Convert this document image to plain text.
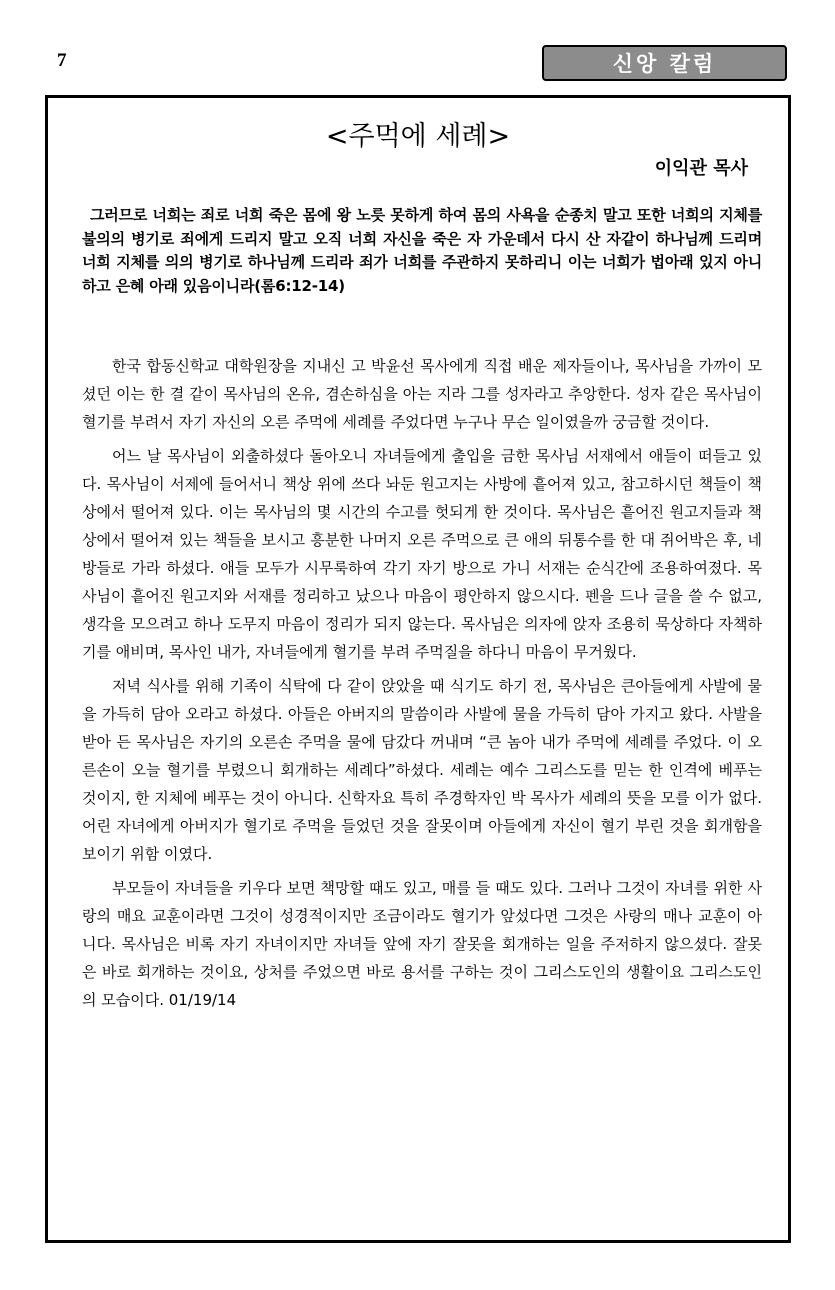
7	신앙 칼럼
<주먹에 세례>
이익관 목사
그러므로 너희는 죄로 너희 죽은 몸에 왕 노릇 못하게 하여 몸의 사욕을 순종치 말고 또한 너희의 지체를 불의의 병기로 죄에게 드리지 말고 오직 너희 자신을 죽은 자 가운데서 다시 산 자같이 하나님께 드리며 너희 지체를 의의 병기로 하나님께 드리라 죄가 너희를 주관하지 못하리니 이는 너희가 법아래 있지 아니하고 은혜 아래 있음이니라(롬6:12-14)

한국 합동신학교 대학원장을 지내신 고 박윤선 목사에게 직접 배운 제자들이나, 목사님을 가까이 모셨던 이는 한 결 같이 목사님의 온유, 겸손하심을 아는 지라 그를 성자라고 추앙한다. 성자 같은 목사님이 혈기를 부려서 자기 자신의 오른 주먹에 세례를 주었다면 누구나 무슨 일이였을까 궁금할 것이다.

어느 날 목사님이 외출하셨다 돌아오니 자녀들에게 출입을 금한 목사님 서재에서 애들이 떠들고 있다. 목사님이 서제에 들어서니 책상 위에 쓰다 놔둔 원고지는 사방에 흩어져 있고, 참고하시던 책들이 책상에서 떨어져 있다. 이는 목사님의 몇 시간의 수고를 헛되게 한 것이다. 목사님은 흩어진 원고지들과 책상에서 떨어져 있는 책들을 보시고 흥분한 나머지 오른 주먹으로 큰 애의 뒤통수를 한 대 쥐어박은 후, 네 방들로 가라 하셨다. 애들 모두가 시무룩하여 각기 자기 방으로 가니 서재는 순식간에 조용하여졌다. 목사님이 흩어진 원고지와 서재를 정리하고 났으나 마음이 평안하지 않으시다. 펜을 드나 글을 쓸 수 없고, 생각을 모으려고 하나 도무지 마음이 정리가 되지 않는다. 목사님은 의자에 앉자 조용히 묵상하다 자책하기를 애비며, 목사인 내가, 자녀들에게 혈기를 부려 주먹질을 하다니 마음이 무거웠다.

저녁 식사를 위해 기족이 식탁에 다 같이 앉았을 때 식기도 하기 전, 목사님은 큰아들에게 사발에 물을 가득히 담아 오라고 하셨다. 아들은 아버지의 말씀이라 사발에 물을 가득히 담아 가지고 왔다. 사발을 받아 든 목사님은 자기의 오른손 주먹을 물에 담갔다 꺼내며 “큰 놈아 내가 주먹에 세례를 주었다. 이 오른손이 오늘 혈기를 부렸으니 회개하는 세례다”하셨다. 세례는 예수 그리스도를 믿는 한 인격에 베푸는 것이지, 한 지체에 베푸는 것이 아니다. 신학자요 특히 주경학자인 박 목사가 세례의 뜻을 모를 이가 없다. 어린 자녀에게 아버지가 혈기로 주먹을 들었던 것을 잘못이며 아들에게 자신이 혈기 부린 것을 회개함을 보이기 위함 이였다.

부모들이 자녀들을 키우다 보면 책망할 때도 있고, 매를 들 때도 있다. 그러나 그것이 자녀를 위한 사랑의 매요 교훈이라면 그것이 성경적이지만 조금이라도 혈기가 앞섰다면 그것은 사랑의 매나 교훈이 아니다. 목사님은 비록 자기 자녀이지만 자녀들 앞에 자기 잘못을 회개하는 일을 주저하지 않으셨다. 잘못은 바로 회개하는 것이요, 상처를 주었으면 바로 용서를 구하는 것이 그리스도인의 생활이요 그리스도인의 모습이다. 01/19/14
